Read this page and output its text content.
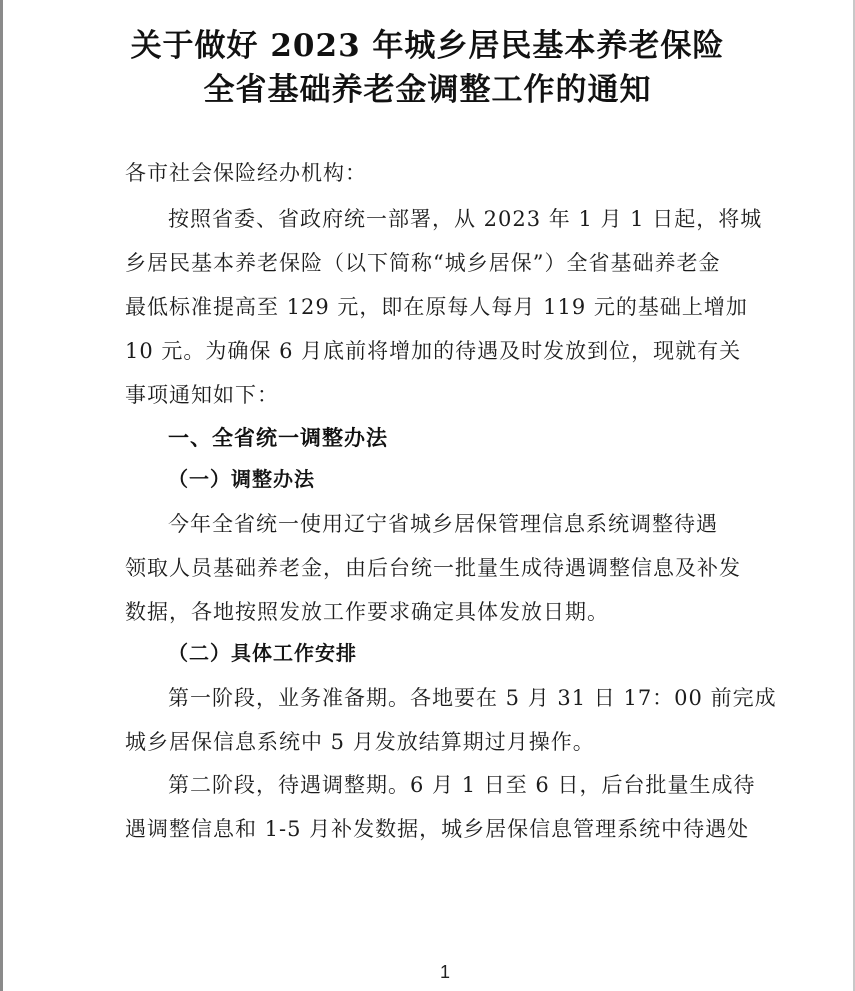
关于做好 2023 年城乡居民基本养老保险
全省基础养老金调整工作的通知
各市社会保险经办机构：
按照省委、省政府统一部署，从 2023 年 1 月 1 日起，将城
乡居民基本养老保险（以下简称“城乡居保”）全省基础养老金
最低标准提高至 129 元，即在原每人每月 119 元的基础上增加
10 元。为确保 6 月底前将增加的待遇及时发放到位，现就有关
事项通知如下：
一、全省统一调整办法
（一）调整办法
今年全省统一使用辽宁省城乡居保管理信息系统调整待遇
领取人员基础养老金，由后台统一批量生成待遇调整信息及补发
数据，各地按照发放工作要求确定具体发放日期。
（二）具体工作安排
第一阶段，业务准备期。各地要在 5 月 31 日 17：00 前完成
城乡居保信息系统中 5 月发放结算期过月操作。
第二阶段，待遇调整期。6 月 1 日至 6 日，后台批量生成待
遇调整信息和 1-5 月补发数据，城乡居保信息管理系统中待遇处
1
